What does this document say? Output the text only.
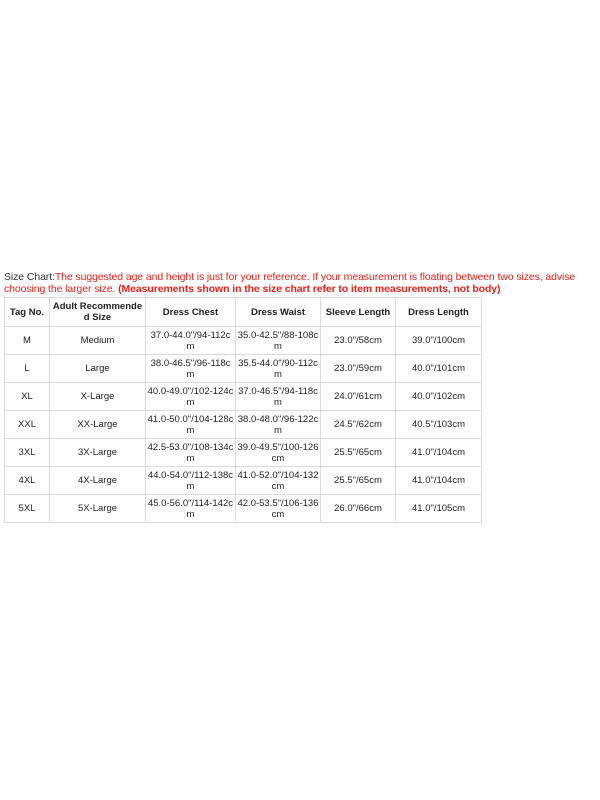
Size Chart:The suggested age and height is just for your reference. If your measurement is floating between two sizes, advise choosing the larger size. (Measurements shown in the size chart refer to item measurements, not body)

Tag No.	Adult Recommended Size	Dress Chest	Dress Waist	Sleeve Length	Dress Length
M	Medium	37.0-44.0"/94-112cm	35.0-42.5"/88-108cm	23.0"/58cm	39.0"/100cm
L	Large	38.0-46.5"/96-118cm	35.5-44.0"/90-112cm	23.0"/59cm	40.0"/101cm
XL	X-Large	40.0-49.0"/102-124cm	37.0-46.5"/94-118cm	24.0"/61cm	40.0"/102cm
XXL	XX-Large	41.0-50.0"/104-128cm	38.0-48.0"/96-122cm	24.5"/62cm	40.5"/103cm
3XL	3X-Large	42.5-53.0"/108-134cm	39.0-49.5"/100-126cm	25.5"/65cm	41.0"/104cm
4XL	4X-Large	44.0-54.0"/112-138cm	41.0-52.0"/104-132cm	25.5"/65cm	41.0"/104cm
5XL	5X-Large	45.0-56.0"/114-142cm	42.0-53.5"/106-136cm	26.0"/66cm	41.0"/105cm
